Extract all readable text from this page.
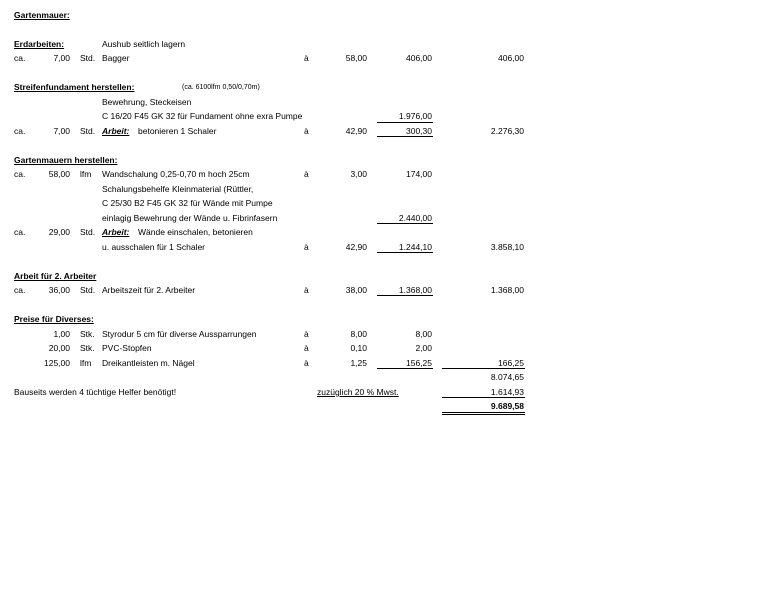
Gartenmauer:
Erdarbeiten:	Aushub seitlich lagern
ca.	7,00 Std. Bagger	à	58,00	406,00	406,00
Streifenfundament herstellen:	(ca. 6100lfm 0,50/0,70m)
Bewehrung, Steckeisen
C 16/20 F45 GK 32 für Fundament ohne exra Pumpe	1.976,00
ca.	7,00 Std. Arbeit: betonieren 1 Schaler	à	42,90	300,30	2.276,30
Gartenmauern herstellen:
ca.	58,00 lfm Wandschalung 0,25-0,70 m hoch 25cm	à	3,00	174,00
Schalungsbehelfe Kleinmaterial (Rüttler,
C 25/30 B2 F45 GK 32 für Wände mit Pumpe
einlagig Bewehrung der Wände u. Fibrinfasern	2.440,00
ca.	29,00 Std. Arbeit: Wände einschalen, betonieren
u. ausschalen für 1 Schaler	à	42,90	1.244,10	3.858,10
Arbeit für 2. Arbeiter
ca.	36,00 Std. Arbeitszeit für 2. Arbeiter	à	38,00	1.368,00	1.368,00
Preise für Diverses:
1,00 Stk. Styrodur 5 cm für diverse Aussparrungen	à	8,00	8,00
20,00 Stk. PVC-Stopfen	à	0,10	2,00
125,00 lfm Dreikantleisten m. Nägel	à	1,25	156,25	166,25
8.074,65
Bauseits werden 4 tüchtige Helfer benötigt!	zuzüglich 20 % Mwst.	1.614,93
9.689,58
